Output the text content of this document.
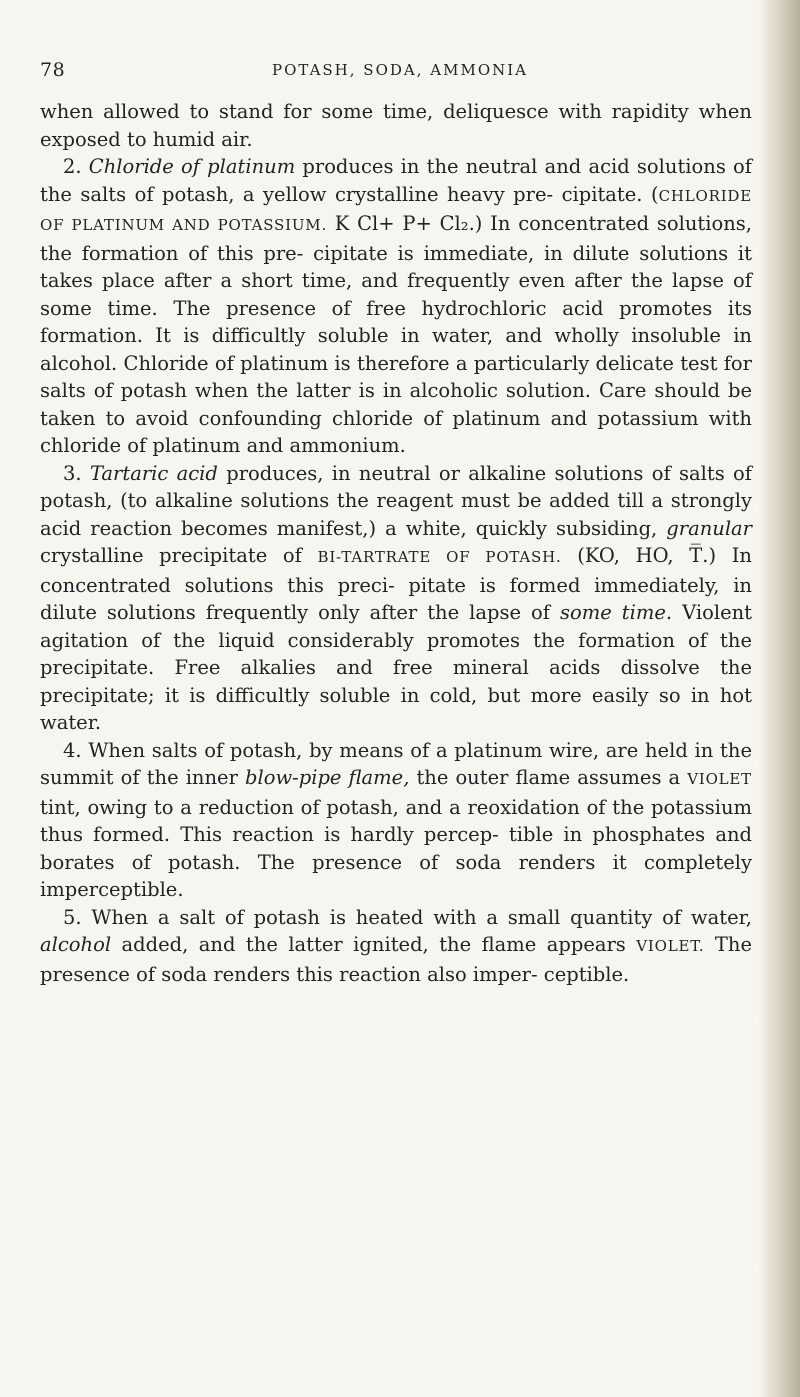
78	POTASH, SODA, AMMONIA

when allowed to stand for some time, deliquesce with rapidity when exposed to humid air.

2. Chloride of platinum produces in the neutral and acid solutions of the salts of potash, a yellow crystalline heavy pre- cipitate. (CHLORIDE OF PLATINUM AND POTASSIUM. K Cl+ P+ Cl₂.) In concentrated solutions, the formation of this pre- cipitate is immediate, in dilute solutions it takes place after a short time, and frequently even after the lapse of some time. The presence of free hydrochloric acid promotes its formation. It is difficultly soluble in water, and wholly insoluble in alcohol. Chloride of platinum is therefore a particularly delicate test for salts of potash when the latter is in alcoholic solution. Care should be taken to avoid confounding chloride of platinum and potassium with chloride of platinum and ammonium.

3. Tartaric acid produces, in neutral or alkaline solutions of salts of potash, (to alkaline solutions the reagent must be added till a strongly acid reaction becomes manifest,) a white, quickly subsiding, granular crystalline precipitate of BI-TARTRATE OF POTASH. (KO, HO, T̅.) In concentrated solutions this preci- pitate is formed immediately, in dilute solutions frequently only after the lapse of some time. Violent agitation of the liquid considerably promotes the formation of the precipitate. Free alkalies and free mineral acids dissolve the precipitate; it is difficultly soluble in cold, but more easily so in hot water.

4. When salts of potash, by means of a platinum wire, are held in the summit of the inner blow-pipe flame, the outer flame assumes a VIOLET tint, owing to a reduction of potash, and a reoxidation of the potassium thus formed. This reaction is hardly percep- tible in phosphates and borates of potash. The presence of soda renders it completely imperceptible.

5. When a salt of potash is heated with a small quantity of water, alcohol added, and the latter ignited, the flame appears VIOLET. The presence of soda renders this reaction also imper- ceptible.
